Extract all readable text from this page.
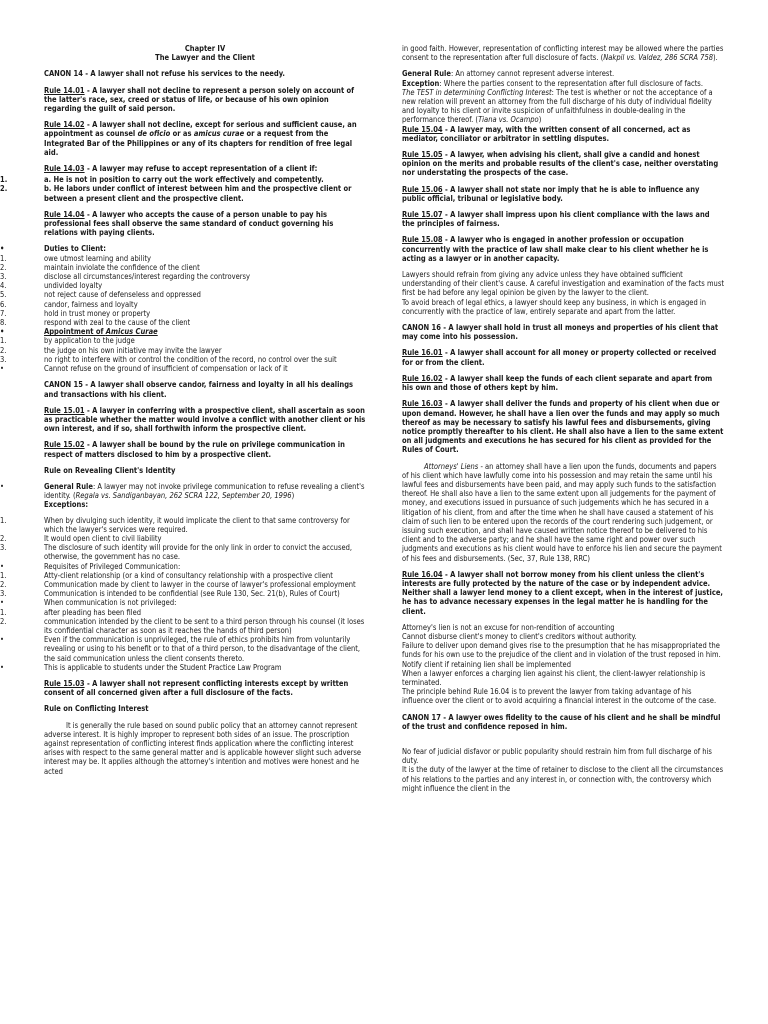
Chapter IV
The Lawyer and the Client

CANON 14 - A lawyer shall not refuse his services to the needy.

Rule 14.01 - A lawyer shall not decline to represent a person solely on account of the latter's race, sex, creed or status of life, or because of his own opinion regarding the guilt of said person.

Rule 14.02 - A lawyer shall not decline, except for serious and sufficient cause, an appointment as counsel de oficio or as amicus curae or a request from the Integrated Bar of the Philippines or any of its chapters for rendition of free legal aid.

Rule 14.03 - A lawyer may refuse to accept representation of a client if:

1.	a. He is not in position to carry out the work effectively and competently.
2.	b. He labors under conflict of interest between him and the prospective client or between a present client and the prospective client.

Rule 14.04 - A lawyer who accepts the cause of a person unable to pay his professional fees shall observe the same standard of conduct governing his relations with paying clients.

•	Duties to Client:
1.	owe utmost learning and ability
2.	maintain inviolate the confidence of the client
3.	disclose all circumstances/interest regarding the controversy
4.	undivided loyalty
5.	not reject cause of defenseless and oppressed
6.	candor, fairness and loyalty
7.	hold in trust money or property
8.	respond with zeal to the cause of the client
•	Appointment of Amicus Curae
1.	by application to the judge
2.	the judge on his own initiative may invite the lawyer
3.	no right to interfere with or control the condition of the record, no control over the suit
•	Cannot refuse on the ground of insufficient of compensation or lack of it

CANON 15 - A lawyer shall observe candor, fairness and loyalty in all his dealings and transactions with his client.

Rule 15.01 - A lawyer in conferring with a prospective client, shall ascertain as soon as practicable whether the matter would involve a conflict with another client or his own interest, and if so, shall forthwith inform the prospective client.

Rule 15.02 - A lawyer shall be bound by the rule on privilege communication in respect of matters disclosed to him by a prospective client.

Rule on Revealing Client's Identity

•	General Rule: A lawyer may not invoke privilege communication to refuse revealing a client's identity. (Regala vs. Sandiganbayan, 262 SCRA 122, September 20, 1996)
Exceptions:
1.	When by divulging such identity, it would implicate the client to that same controversy for which the lawyer's services were required.
2.	It would open client to civil liability
3.	The disclosure of such identity will provide for the only link in order to convict the accused, otherwise, the government has no case.
•	Requisites of Privileged Communication:
1.	Atty-client relationship (or a kind of consultancy relationship with a prospective client
2.	Communication made by client to lawyer in the course of lawyer's professional employment
3.	Communication is intended to be confidential (see Rule 130, Sec. 21(b), Rules of Court)
•	When communication is not privileged:
1.	after pleading has been filed
2.	communication intended by the client to be sent to a third person through his counsel (it loses its confidential character as soon as it reaches the hands of third person)
•	Even if the communication is unprivileged, the rule of ethics prohibits him from voluntarily revealing or using to his benefit or to that of a third person, to the disadvantage of the client, the said communication unless the client consents thereto.
•	This is applicable to students under the Student Practice Law Program

Rule 15.03 - A lawyer shall not represent conflicting interests except by written consent of all concerned given after a full disclosure of the facts.

Rule on Conflicting Interest

It is generally the rule based on sound public policy that an attorney cannot represent adverse interest. It is highly improper to represent both sides of an issue. The proscription against representation of conflicting interest finds application where the conflicting interest arises with respect to the same general matter and is applicable however slight such adverse interest may be. It applies although the attorney's intention and motives were honest and he acted

in good faith. However, representation of conflicting interest may be allowed where the parties consent to the representation after full disclosure of facts. (Nakpil vs. Valdez, 286 SCRA 758).

General Rule: An attorney cannot represent adverse interest.
Exception: Where the parties consent to the representation after full disclosure of facts.
The TEST in determining Conflicting Interest: The test is whether or not the acceptance of a new relation will prevent an attorney from the full discharge of his duty of individual fidelity and loyalty to his client or invite suspicion of unfaithfulness in double-dealing in the performance thereof. (Tiana vs. Ocampo)

Rule 15.04 - A lawyer may, with the written consent of all concerned, act as mediator, conciliator or arbitrator in settling disputes.

Rule 15.05 - A lawyer, when advising his client, shall give a candid and honest opinion on the merits and probable results of the client's case, neither overstating nor understating the prospects of the case.

Rule 15.06 - A lawyer shall not state nor imply that he is able to influence any public official, tribunal or legislative body.

Rule 15.07 - A lawyer shall impress upon his client compliance with the laws and the principles of fairness.

Rule 15.08 - A lawyer who is engaged in another profession or occupation concurrently with the practice of law shall make clear to his client whether he is acting as a lawyer or in another capacity.

Lawyers should refrain from giving any advice unless they have obtained sufficient understanding of their client's cause. A careful investigation and examination of the facts must first be had before any legal opinion be given by the lawyer to the client.

To avoid breach of legal ethics, a lawyer should keep any business, in which is engaged in concurrently with the practice of law, entirely separate and apart from the latter.

CANON 16 - A lawyer shall hold in trust all moneys and properties of his client that may come into his possession.

Rule 16.01 - A lawyer shall account for all money or property collected or received for or from the client.

Rule 16.02 - A lawyer shall keep the funds of each client separate and apart from his own and those of others kept by him.

Rule 16.03 - A lawyer shall deliver the funds and property of his client when due or upon demand. However, he shall have a lien over the funds and may apply so much thereof as may be necessary to satisfy his lawful fees and disbursements, giving notice promptly thereafter to his client. He shall also have a lien to the same extent on all judgments and executions he has secured for his client as provided for the Rules of Court.

Attorneys' Liens - an attorney shall have a lien upon the funds, documents and papers of his client which have lawfully come into his possession and may retain the same until his lawful fees and disbursements have been paid, and may apply such funds to the satisfaction thereof. He shall also have a lien to the same extent upon all judgements for the payment of money, and executions issued in pursuance of such judgements which he has secured in a litigation of his client, from and after the time when he shall have caused a statement of his claim of such lien to be entered upon the records of the court rendering such judgement, or issuing such execution, and shall have caused written notice thereof to be delivered to his client and to the adverse party; and he shall have the same right and power over such judgments and executions as his client would have to enforce his lien and secure the payment of his fees and disbursements. (Sec, 37, Rule 138, RRC)

Rule 16.04 - A lawyer shall not borrow money from his client unless the client's interests are fully protected by the nature of the case or by independent advice. Neither shall a lawyer lend money to a client except, when in the interest of justice, he has to advance necessary expenses in the legal matter he is handling for the client.

Attorney's lien is not an excuse for non-rendition of accounting
Cannot disburse client's money to client's creditors without authority.
Failure to deliver upon demand gives rise to the presumption that he has misappropriated the funds for his own use to the prejudice of the client and in violation of the trust reposed in him.
Notify client if retaining lien shall be implemented
When a lawyer enforces a charging lien against his client, the client-lawyer relationship is terminated.
The principle behind Rule 16.04 is to prevent the lawyer from taking advantage of his influence over the client or to avoid acquiring a financial interest in the outcome of the case.

CANON 17 - A lawyer owes fidelity to the cause of his client and he shall be mindful of the trust and confidence reposed in him.

No fear of judicial disfavor or public popularity should restrain him from full discharge of his duty.
It is the duty of the lawyer at the time of retainer to disclose to the client all the circumstances of his relations to the parties and any interest in, or connection with, the controversy which might influence the client in the
